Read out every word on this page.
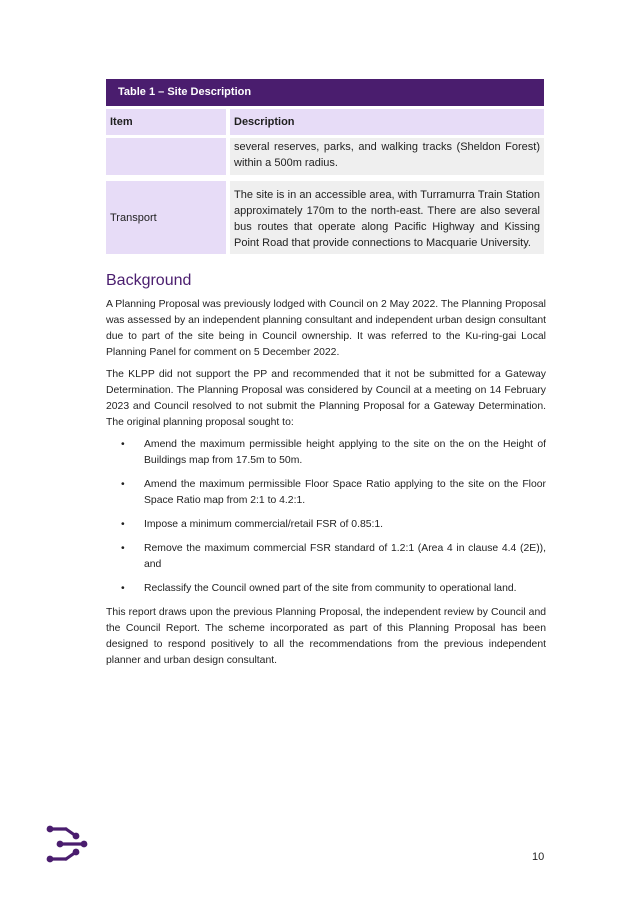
Table 1 – Site Description
Item	Description
several reserves, parks, and walking tracks (Sheldon Forest) within a 500m radius.
Transport
The site is in an accessible area, with Turramurra Train Station approximately 170m to the north-east. There are also several bus routes that operate along Pacific Highway and Kissing Point Road that provide connections to Macquarie University.
Background

A Planning Proposal was previously lodged with Council on 2 May 2022. The Planning Proposal was assessed by an independent planning consultant and independent urban design consultant due to part of the site being in Council ownership. It was referred to the Ku-ring-gai Local Planning Panel for comment on 5 December 2022.

The KLPP did not support the PP and recommended that it not be submitted for a Gateway Determination. The Planning Proposal was considered by Council at a meeting on 14 February 2023 and Council resolved to not submit the Planning Proposal for a Gateway Determination. The original planning proposal sought to:

• Amend the maximum permissible height applying to the site on the on the Height of Buildings map from 17.5m to 50m.
• Amend the maximum permissible Floor Space Ratio applying to the site on the Floor Space Ratio map from 2:1 to 4.2:1.
• Impose a minimum commercial/retail FSR of 0.85:1.
• Remove the maximum commercial FSR standard of 1.2:1 (Area 4 in clause 4.4 (2E)), and
• Reclassify the Council owned part of the site from community to operational land.

This report draws upon the previous Planning Proposal, the independent review by Council and the Council Report. The scheme incorporated as part of this Planning Proposal has been designed to respond positively to all the recommendations from the previous independent planner and urban design consultant.

10
